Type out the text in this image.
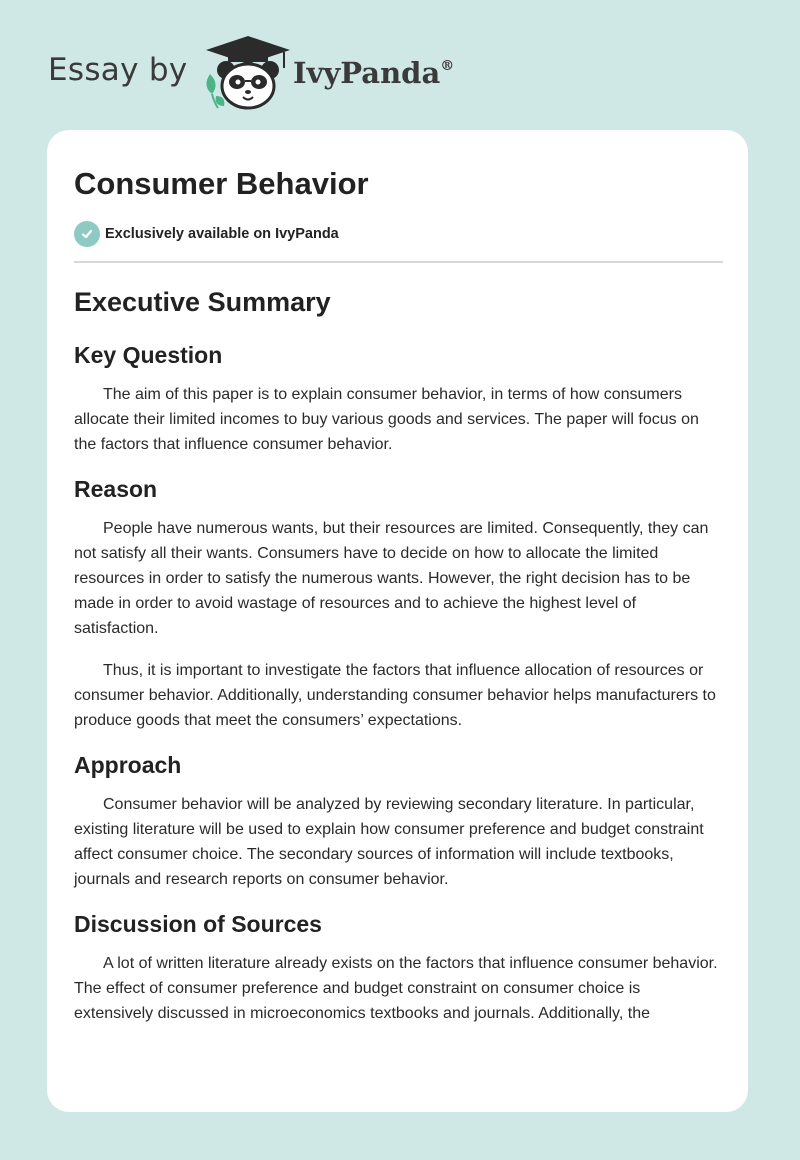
Essay by	IvyPanda®
Consumer Behavior
Exclusively available on IvyPanda
Executive Summary
Key Question

The aim of this paper is to explain consumer behavior, in terms of how consumers allocate their limited incomes to buy various goods and services. The paper will focus on the factors that influence consumer behavior.

Reason

People have numerous wants, but their resources are limited. Consequently, they can not satisfy all their wants. Consumers have to decide on how to allocate the limited resources in order to satisfy the numerous wants. However, the right decision has to be made in order to avoid wastage of resources and to achieve the highest level of satisfaction.

Thus, it is important to investigate the factors that influence allocation of resources or consumer behavior. Additionally, understanding consumer behavior helps manufacturers to produce goods that meet the consumers’ expectations.

Approach

Consumer behavior will be analyzed by reviewing secondary literature. In particular, existing literature will be used to explain how consumer preference and budget constraint affect consumer choice. The secondary sources of information will include textbooks, journals and research reports on consumer behavior.

Discussion of Sources

A lot of written literature already exists on the factors that influence consumer behavior. The effect of consumer preference and budget constraint on consumer choice is extensively discussed in microeconomics textbooks and journals. Additionally, the
